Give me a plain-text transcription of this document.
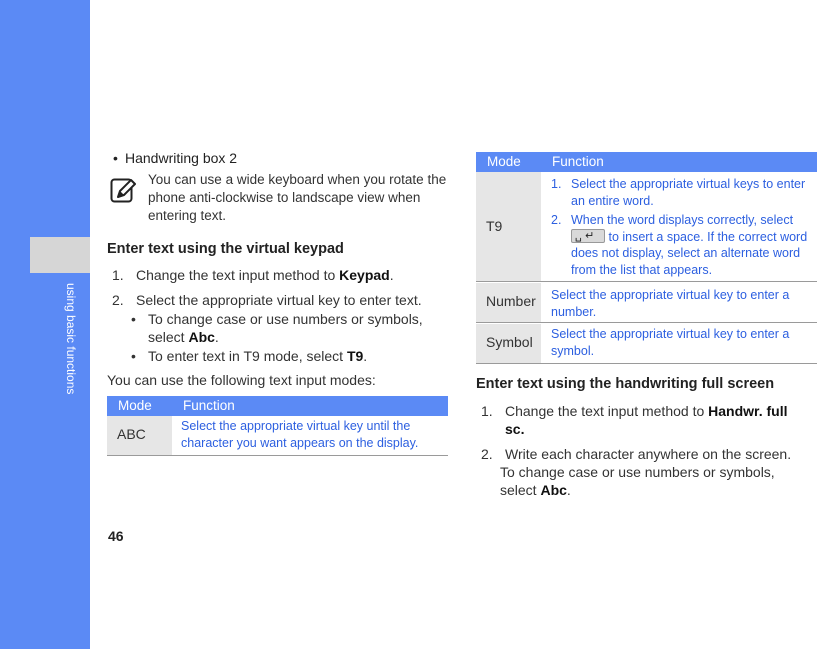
using basic functions
46
• Handwriting box 2
You can use a wide keyboard when you rotate the phone anti-clockwise to landscape view when entering text.
Enter text using the virtual keypad
1. Change the text input method to Keypad.
2. Select the appropriate virtual key to enter text.
• To change case or use numbers or symbols, select Abc.
• To enter text in T9 mode, select T9.
You can use the following text input modes:
Mode Function
ABC	Select the appropriate virtual key until the character you want appears on the display.
Mode Function
T9
1. Select the appropriate virtual keys to enter an entire word.
2. When the word displays correctly, select ␣ ↵ to insert a space. If the correct word does not display, select an alternate word from the list that appears.
Number Select the appropriate virtual key to enter a number.
Symbol Select the appropriate virtual key to enter a symbol.
Enter text using the handwriting full screen
1. Change the text input method to Handwr. full sc.
2. Write each character anywhere on the screen.
To change case or use numbers or symbols, select Abc.
